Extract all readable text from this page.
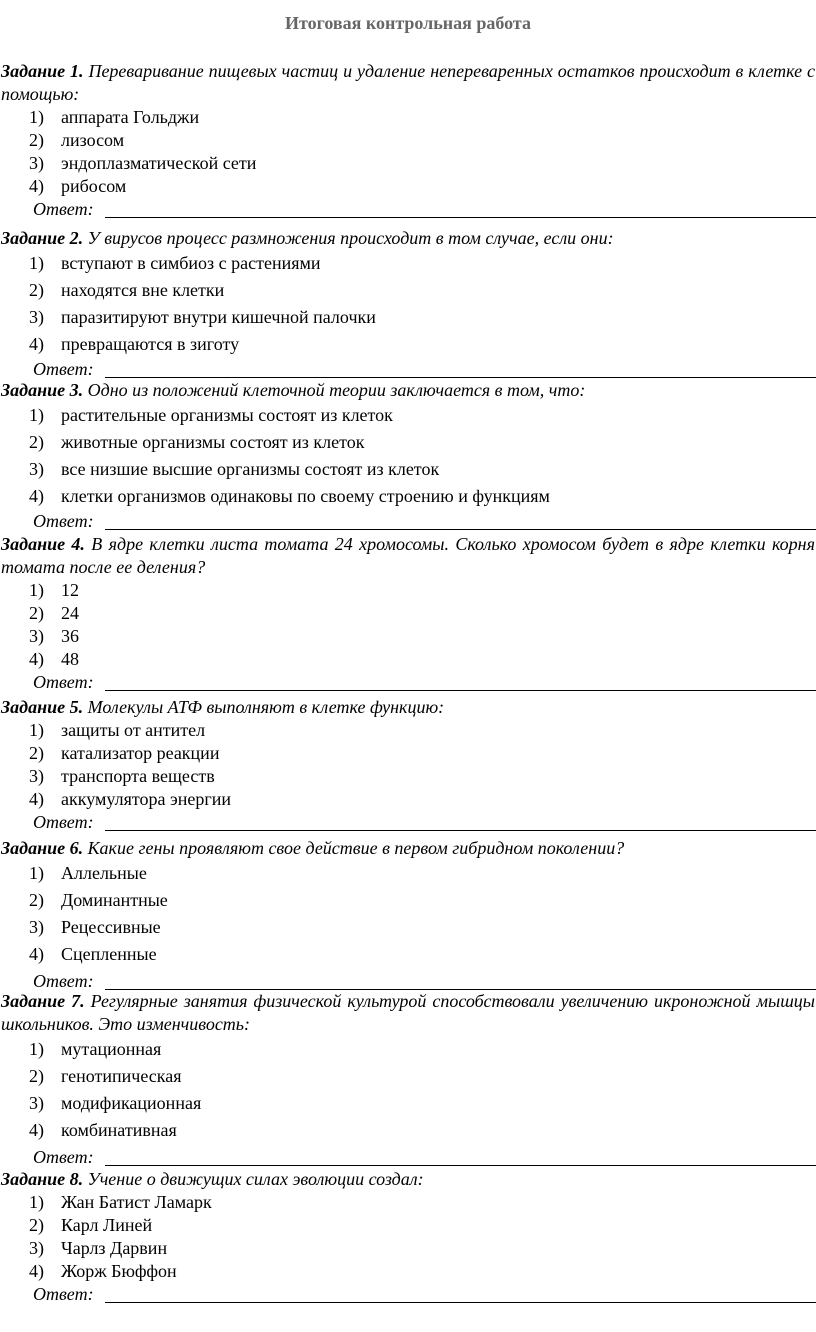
Итоговая контрольная работа

Задание 1. Переваривание пищевых частиц и удаление непереваренных остатков происходит в клетке с помощью:

1) аппарата Гольджи
2) лизосом
3) эндоплазматической сети
4) рибосом
Ответ:

Задание 2. У вирусов процесс размножения происходит в том случае, если они:

1) вступают в симбиоз с растениями
2) находятся вне клетки
3) паразитируют внутри кишечной палочки
4) превращаются в зиготу
Ответ:

Задание 3. Одно из положений клеточной теории заключается в том, что:

1) растительные организмы состоят из клеток
2) животные организмы состоят из клеток
3) все низшие высшие организмы состоят из клеток
4) клетки организмов одинаковы по своему строению и функциям
Ответ:

Задание 4. В ядре клетки листа томата 24 хромосомы. Сколько хромосом будет в ядре клетки корня томата после ее деления?

1) 12
2) 24
3) 36
4) 48
Ответ:

Задание 5. Молекулы АТФ выполняют в клетке функцию:

1) защиты от антител
2) катализатор реакции
3) транспорта веществ
4) аккумулятора энергии
Ответ:

Задание 6. Какие гены проявляют свое действие в первом гибридном поколении?

1) Аллельные
2) Доминантные
3) Рецессивные
4) Сцепленные
Ответ:

Задание 7. Регулярные занятия физической культурой способствовали увеличению икроножной мышцы школьников. Это изменчивость:

1) мутационная
2) генотипическая
3) модификационная
4) комбинативная
Ответ:

Задание 8. Учение о движущих силах эволюции создал:

1) Жан Батист Ламарк
2) Карл Линей
3) Чарлз Дарвин
4) Жорж Бюффон
Ответ:
